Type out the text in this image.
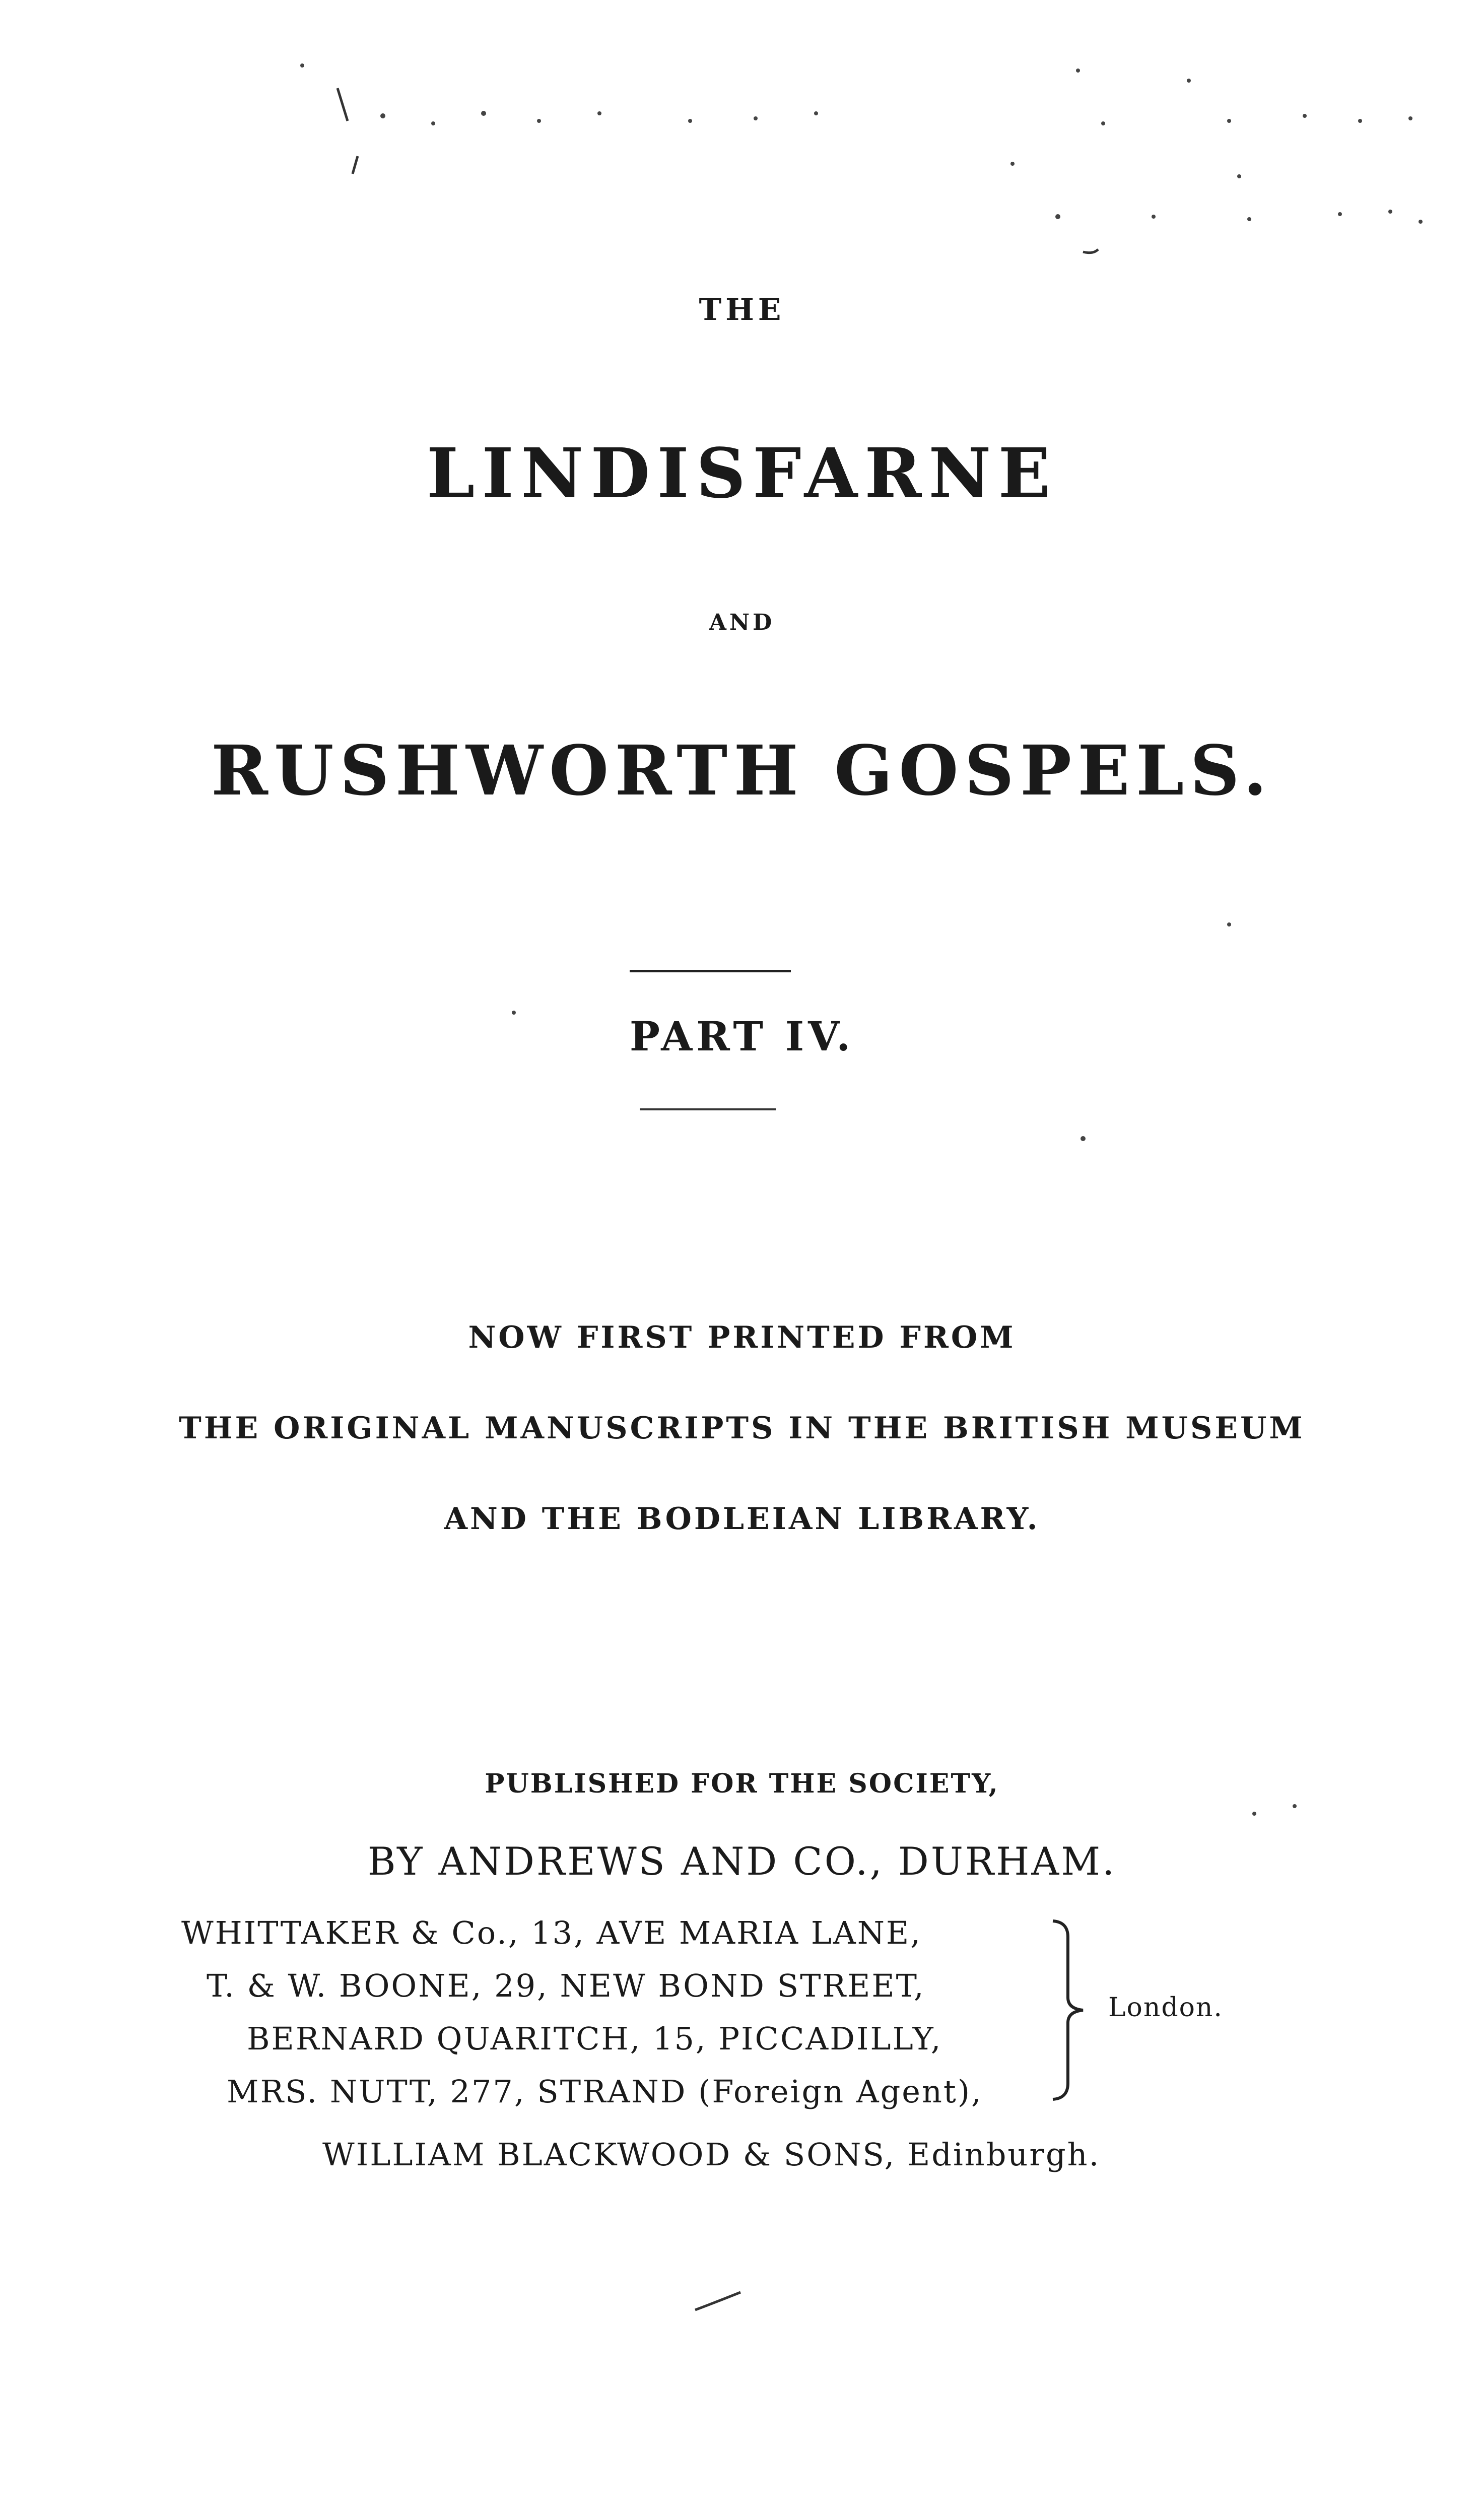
THE
LINDISFARNE
AND
RUSHWORTH GOSPELS.
PART IV.
NOW FIRST PRINTED FROM
THE ORIGINAL MANUSCRIPTS IN THE BRITISH MUSEUM
AND THE BODLEIAN LIBRARY.
PUBLISHED FOR THE SOCIETY,
BY ANDREWS AND CO., DURHAM.
WHITTAKER & Co., 13, AVE MARIA LANE,
T. & W. BOONE, 29, NEW BOND STREET,
BERNARD QUARITCH, 15, PICCADILLY,
MRS. NUTT, 277, STRAND (Foreign Agent),
London.
WILLIAM BLACKWOOD & SONS, Edinburgh.
